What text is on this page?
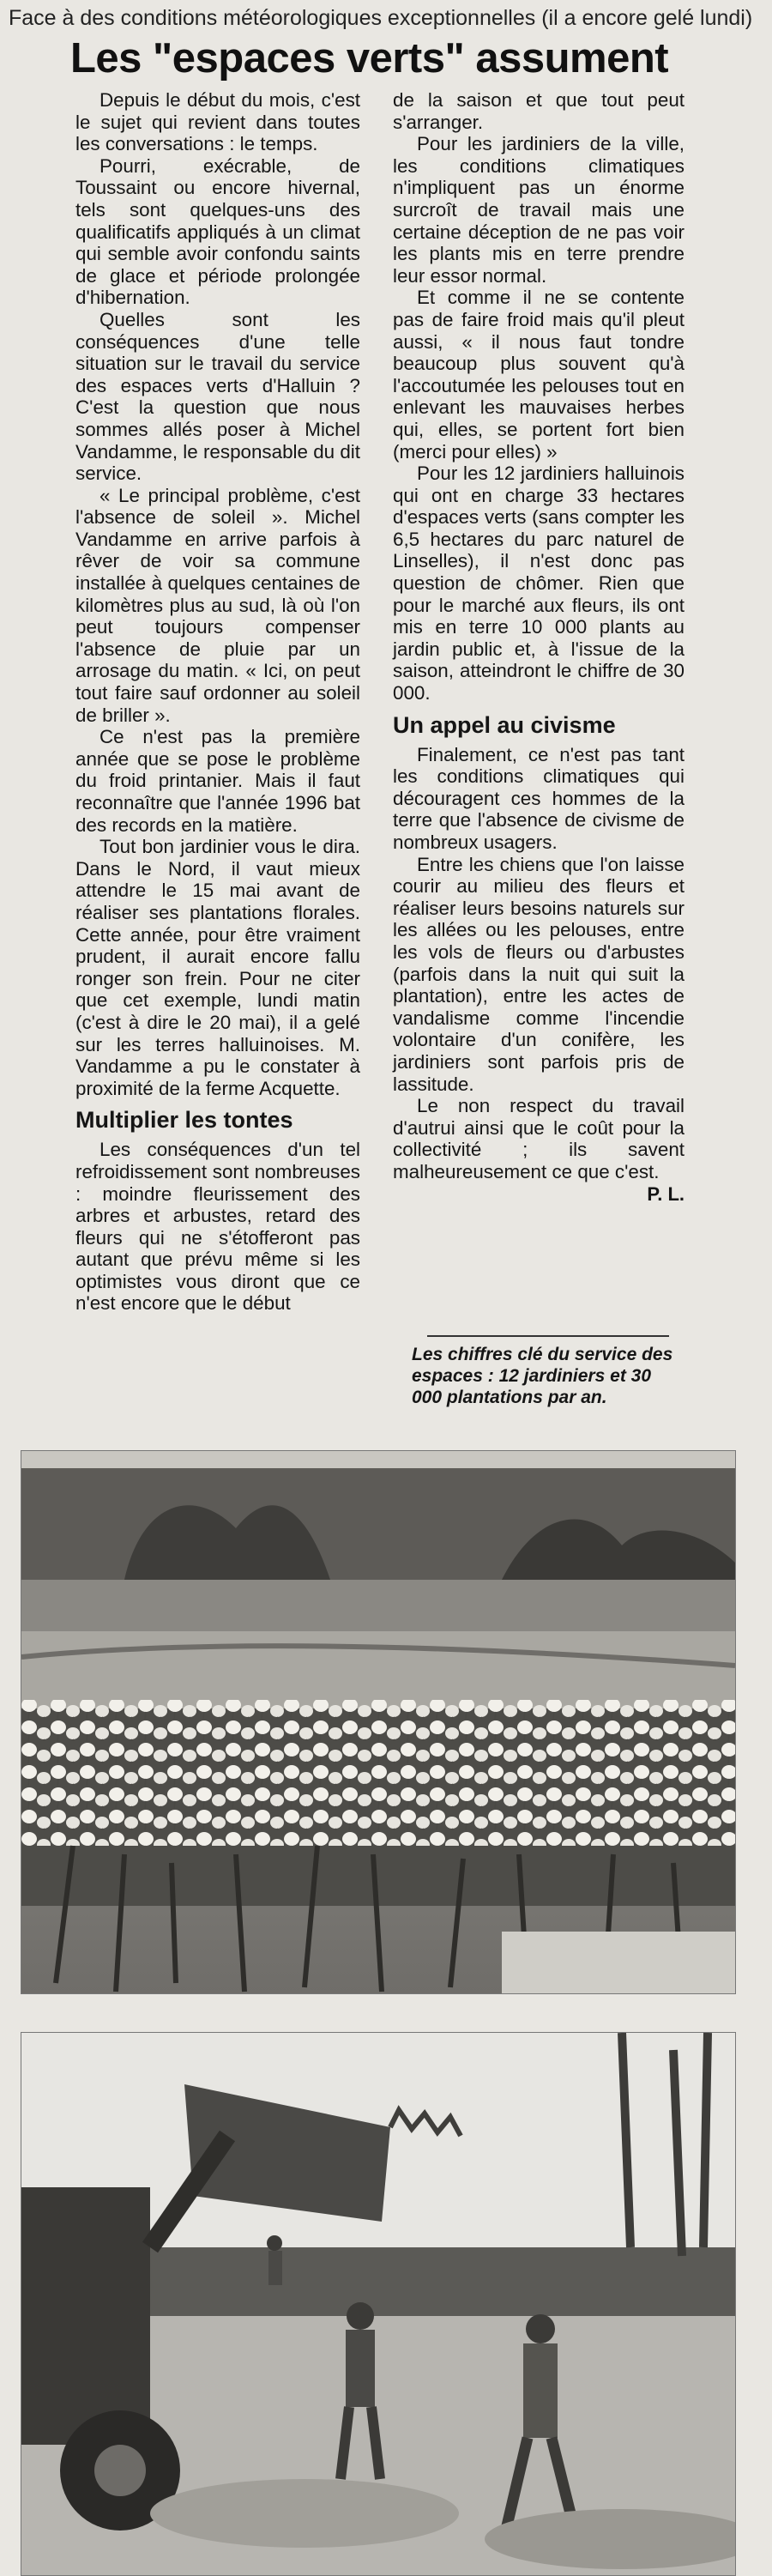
Face à des conditions météorologiques exceptionnelles (il a encore gelé lundi)
Les "espaces verts" assument

Depuis le début du mois, c'est le sujet qui revient dans toutes les conversations : le temps.

Pourri, exécrable, de Toussaint ou encore hivernal, tels sont quelques-uns des qualificatifs appliqués à un climat qui semble avoir confondu saints de glace et période prolongée d'hibernation.

Quelles sont les conséquences d'une telle situation sur le travail du service des espaces verts d'Halluin ? C'est la question que nous sommes allés poser à Michel Vandamme, le responsable du dit service.

« Le principal problème, c'est l'absence de soleil ». Michel Vandamme en arrive parfois à rêver de voir sa commune installée à quelques centaines de kilomètres plus au sud, là où l'on peut toujours compenser l'absence de pluie par un arrosage du matin. « Ici, on peut tout faire sauf ordonner au soleil de briller ».

Ce n'est pas la première année que se pose le problème du froid printanier. Mais il faut reconnaître que l'année 1996 bat des records en la matière.

Tout bon jardinier vous le dira. Dans le Nord, il vaut mieux attendre le 15 mai avant de réaliser ses plantations florales. Cette année, pour être vraiment prudent, il aurait encore fallu ronger son frein. Pour ne citer que cet exemple, lundi matin (c'est à dire le 20 mai), il a gelé sur les terres halluinoises. M. Vandamme a pu le constater à proximité de la ferme Acquette.

Multiplier les tontes

Les conséquences d'un tel refroidissement sont nombreuses : moindre fleurissement des arbres et arbustes, retard des fleurs qui ne s'étofferont pas autant que prévu même si les optimistes vous diront que ce n'est encore que le début

de la saison et que tout peut s'arranger.

Pour les jardiniers de la ville, les conditions climatiques n'impliquent pas un énorme surcroît de travail mais une certaine déception de ne pas voir les plants mis en terre prendre leur essor normal.

Et comme il ne se contente pas de faire froid mais qu'il pleut aussi, « il nous faut tondre beaucoup plus souvent qu'à l'accoutumée les pelouses tout en enlevant les mauvaises herbes qui, elles, se portent fort bien (merci pour elles) »

Pour les 12 jardiniers halluinois qui ont en charge 33 hectares d'espaces verts (sans compter les 6,5 hectares du parc naturel de Linselles), il n'est donc pas question de chômer. Rien que pour le marché aux fleurs, ils ont mis en terre 10 000 plants au jardin public et, à l'issue de la saison, atteindront le chiffre de 30 000.

Un appel au civisme

Finalement, ce n'est pas tant les conditions climatiques qui découragent ces hommes de la terre que l'absence de civisme de nombreux usagers.

Entre les chiens que l'on laisse courir au milieu des fleurs et réaliser leurs besoins naturels sur les allées ou les pelouses, entre les vols de fleurs ou d'arbustes (parfois dans la nuit qui suit la plantation), entre les actes de vandalisme comme l'incendie volontaire d'un conifère, les jardiniers sont parfois pris de lassitude.

Le non respect du travail d'autrui ainsi que le coût pour la collectivité ; ils savent malheureusement ce que c'est.

P. L.

Les chiffres clé du service des espaces : 12 jardiniers et 30 000 plantations par an.
